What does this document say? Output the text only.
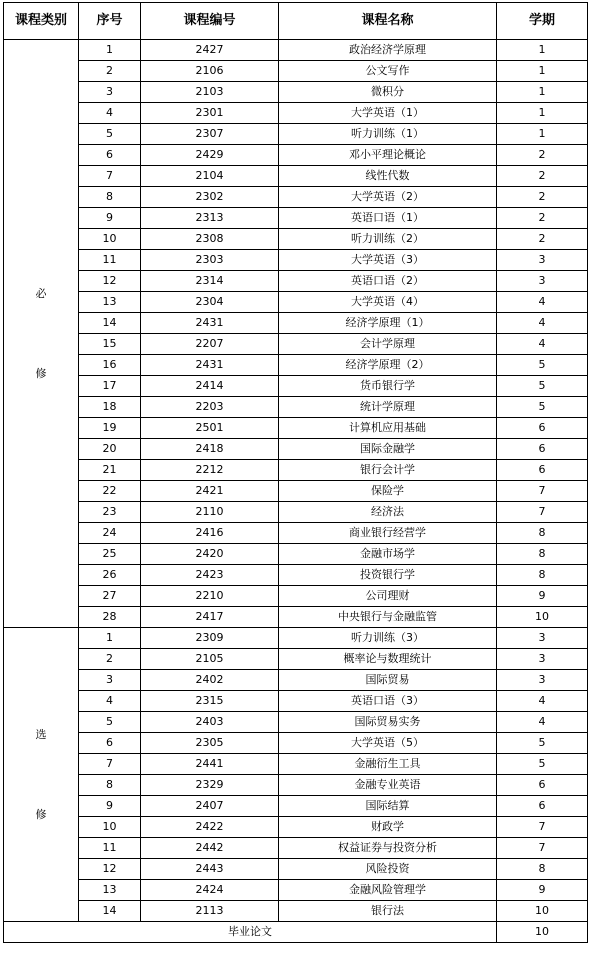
课程类别	序号	课程编号	课程名称	学期

必
修	1	2427	政治经济学原理	1
	2	2106	公文写作	1
	3	2103	微积分	1
	4	2301	大学英语（1）	1
	5	2307	听力训练（1）	1
	6	2429	邓小平理论概论	2
	7	2104	线性代数	2
	8	2302	大学英语（2）	2
	9	2313	英语口语（1）	2
	10	2308	听力训练（2）	2
	11	2303	大学英语（3）	3
	12	2314	英语口语（2）	3
	13	2304	大学英语（4）	4
	14	2431	经济学原理（1）	4
	15	2207	会计学原理	4
	16	2431	经济学原理（2）	5
	17	2414	货币银行学	5
	18	2203	统计学原理	5
	19	2501	计算机应用基础	6
	20	2418	国际金融学	6
	21	2212	银行会计学	6
	22	2421	保险学	7
	23	2110	经济法	7
	24	2416	商业银行经营学	8
	25	2420	金融市场学	8
	26	2423	投资银行学	8
	27	2210	公司理财	9
	28	2417	中央银行与金融监管	10

选
修	1	2309	听力训练（3）	3
	2	2105	概率论与数理统计	3
	3	2402	国际贸易	3
	4	2315	英语口语（3）	4
	5	2403	国际贸易实务	4
	6	2305	大学英语（5）	5
	7	2441	金融衍生工具	5
	8	2329	金融专业英语	6
	9	2407	国际结算	6
	10	2422	财政学	7
	11	2442	权益证券与投资分析	7
	12	2443	风险投资	8
	13	2424	金融风险管理学	9
	14	2113	银行法	10
毕业论文				10
